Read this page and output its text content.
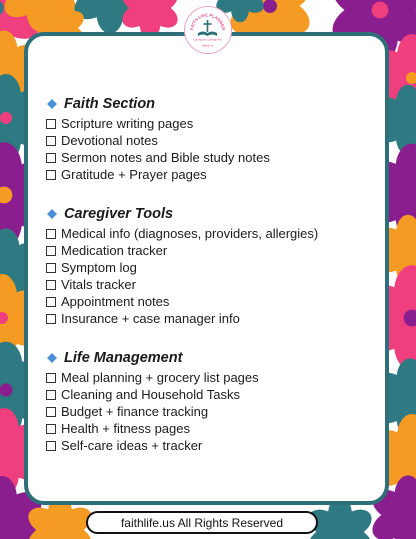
FAITH LIFE PLANNER
Caring for Caregivers
faithlife.us
Faith Section
Scripture writing pages
Devotional notes
Sermon notes and Bible study notes
Gratitude + Prayer pages
Caregiver Tools
Medical info (diagnoses, providers, allergies)
Medication tracker
Symptom log
Vitals tracker
Appointment notes
Insurance + case manager info
Life Management
Meal planning + grocery list pages
Cleaning and Household Tasks
Budget + finance tracking
Health + fitness pages
Self-care ideas + tracker
faithlife.us All Rights Reserved
